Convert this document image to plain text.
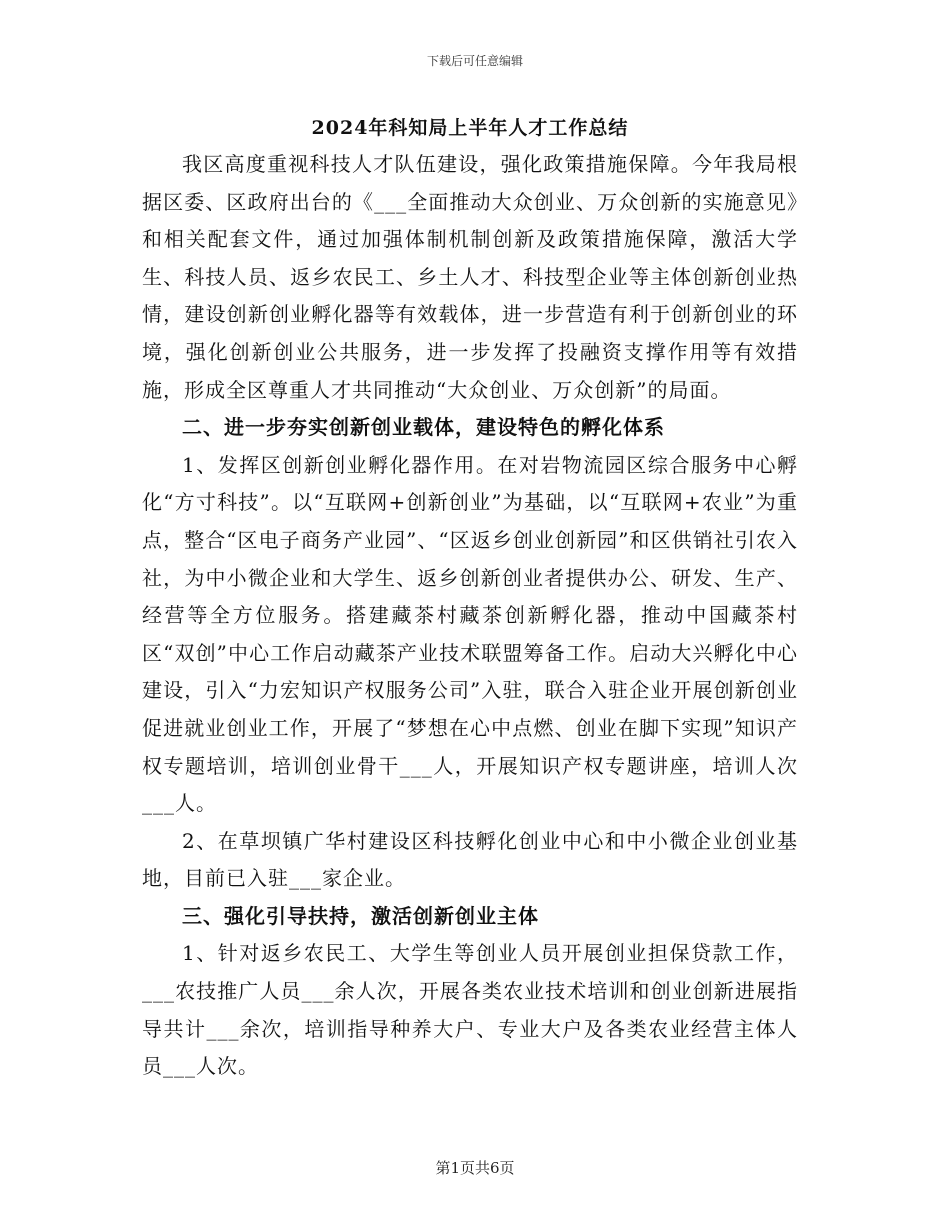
下载后可任意编辑
2024年科知局上半年人才工作总结

我区高度重视科技人才队伍建设，强化政策措施保障。今年我局根据区委、区政府出台的《___全面推动大众创业、万众创新的实施意见》和相关配套文件，通过加强体制机制创新及政策措施保障，激活大学生、科技人员、返乡农民工、乡土人才、科技型企业等主体创新创业热情，建设创新创业孵化器等有效载体，进一步营造有利于创新创业的环境，强化创新创业公共服务，进一步发挥了投融资支撑作用等有效措施，形成全区尊重人才共同推动“大众创业、万众创新”的局面。

二、进一步夯实创新创业载体，建设特色的孵化体系

1、发挥区创新创业孵化器作用。在对岩物流园区综合服务中心孵化“方寸科技”。以“互联网+创新创业”为基础，以“互联网+农业”为重点，整合“区电子商务产业园”、“区返乡创业创新园”和区供销社引农入社，为中小微企业和大学生、返乡创新创业者提供办公、研发、生产、经营等全方位服务。搭建藏茶村藏茶创新孵化器，推动中国藏茶村区“双创”中心工作启动藏茶产业技术联盟筹备工作。启动大兴孵化中心建设，引入“力宏知识产权服务公司”入驻，联合入驻企业开展创新创业促进就业创业工作，开展了“梦想在心中点燃、创业在脚下实现”知识产权专题培训，培训创业骨干___人，开展知识产权专题讲座，培训人次___人。

2、在草坝镇广华村建设区科技孵化创业中心和中小微企业创业基地，目前已入驻___家企业。

三、强化引导扶持，激活创新创业主体

1、针对返乡农民工、大学生等创业人员开展创业担保贷款工作，___农技推广人员___余人次，开展各类农业技术培训和创业创新进展指导共计___余次，培训指导种养大户、专业大户及各类农业经营主体人员___人次。

第1页共6页
